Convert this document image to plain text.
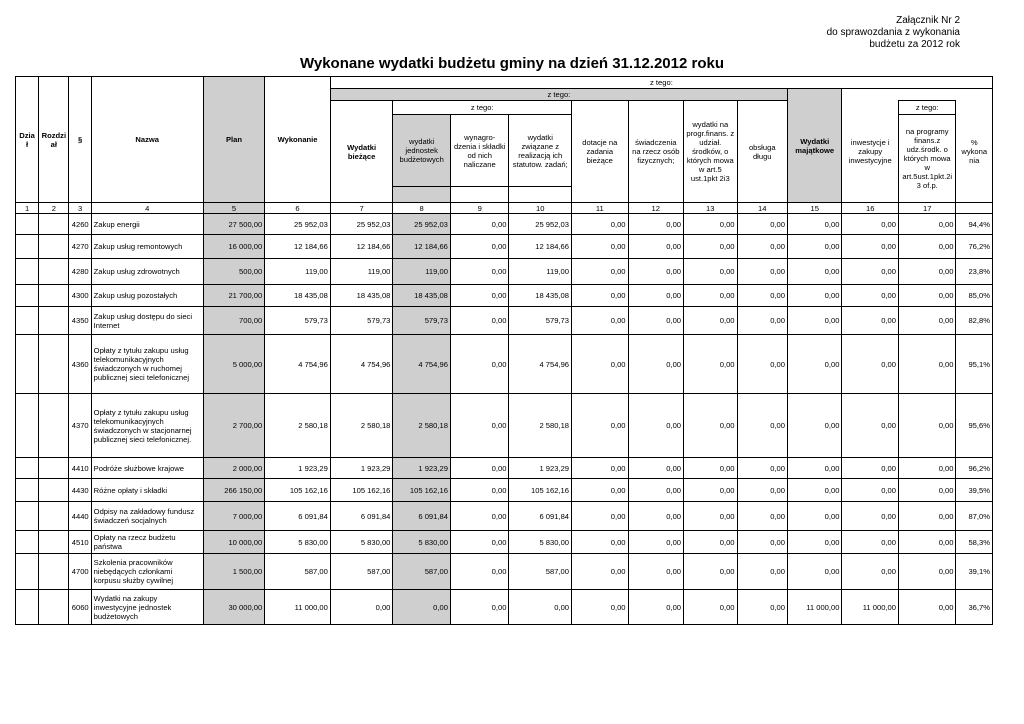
Załącznik Nr 2
do sprawozdania z wykonania
budżetu za 2012 rok
Wykonane wydatki budżetu gminy na dzień 31.12.2012 roku
Dzia ł	Rozdzi ał	§	Nazwa	Plan	Wykonanie	z tego:											
						z tego:								Wydatki majątkowe			
						Wydatki bieżące	z tego:			dotacje na zadania bieżące	świadczenia na rzecz osób fizycznych;	wydatki na progr.finans. z udział. środków, o których mowa w art.5 ust.1pkt 2i3	obsługa długu		inwestycje i zakupy inwestycyjne	z tego:	% wykona nia
							wydatki jednostek budżetowych	wynagro-dzenia i składki od nich naliczane	wydatki związane z realizacją ich statutow. zadań;							na programy finans.z udz.środk. o których mowa w art.5ust.1pkt.2i 3 of.p.	

1	2	3	4	5	6	7	8	9	10	11	12	13	14	15	16	17	
		4260	Zakup energii	27 500,00	25 952,03	25 952,03	25 952,03	0,00	25 952,03	0,00	0,00	0,00	0,00	0,00	0,00	0,00	94,4%
		4270	Zakup usług remontowych	16 000,00	12 184,66	12 184,66	12 184,66	0,00	12 184,66	0,00	0,00	0,00	0,00	0,00	0,00	0,00	76,2%
		4280	Zakup usług zdrowotnych	500,00	119,00	119,00	119,00	0,00	119,00	0,00	0,00	0,00	0,00	0,00	0,00	0,00	23,8%
		4300	Zakup usług pozostałych	21 700,00	18 435,08	18 435,08	18 435,08	0,00	18 435,08	0,00	0,00	0,00	0,00	0,00	0,00	0,00	85,0%
		4350	Zakup usług dostępu do sieci Internet	700,00	579,73	579,73	579,73	0,00	579,73	0,00	0,00	0,00	0,00	0,00	0,00	0,00	82,8%
		4360	Opłaty z tytułu zakupu usług telekomunikacyjnych świadczonych w ruchomej publicznej sieci telefonicznej	5 000,00	4 754,96	4 754,96	4 754,96	0,00	4 754,96	0,00	0,00	0,00	0,00	0,00	0,00	0,00	95,1%
		4370	Opłaty z tytułu zakupu usług telekomunikacyjnych świadczonych w stacjonarnej publicznej sieci telefonicznej.	2 700,00	2 580,18	2 580,18	2 580,18	0,00	2 580,18	0,00	0,00	0,00	0,00	0,00	0,00	0,00	95,6%
		4410	Podróże służbowe krajowe	2 000,00	1 923,29	1 923,29	1 923,29	0,00	1 923,29	0,00	0,00	0,00	0,00	0,00	0,00	0,00	96,2%
		4430	Różne opłaty i składki	266 150,00	105 162,16	105 162,16	105 162,16	0,00	105 162,16	0,00	0,00	0,00	0,00	0,00	0,00	0,00	39,5%
		4440	Odpisy na zakładowy fundusz świadczeń socjalnych	7 000,00	6 091,84	6 091,84	6 091,84	0,00	6 091,84	0,00	0,00	0,00	0,00	0,00	0,00	0,00	87,0%
		4510	Opłaty na rzecz budżetu państwa	10 000,00	5 830,00	5 830,00	5 830,00	0,00	5 830,00	0,00	0,00	0,00	0,00	0,00	0,00	0,00	58,3%
		4700	Szkolenia pracowników niebędących członkami korpusu służby cywilnej	1 500,00	587,00	587,00	587,00	0,00	587,00	0,00	0,00	0,00	0,00	0,00	0,00	0,00	39,1%
		6060	Wydatki na zakupy inwestycyjne jednostek budżetowych	30 000,00	11 000,00	0,00	0,00	0,00	0,00	0,00	0,00	0,00	0,00	11 000,00	11 000,00	0,00	36,7%
